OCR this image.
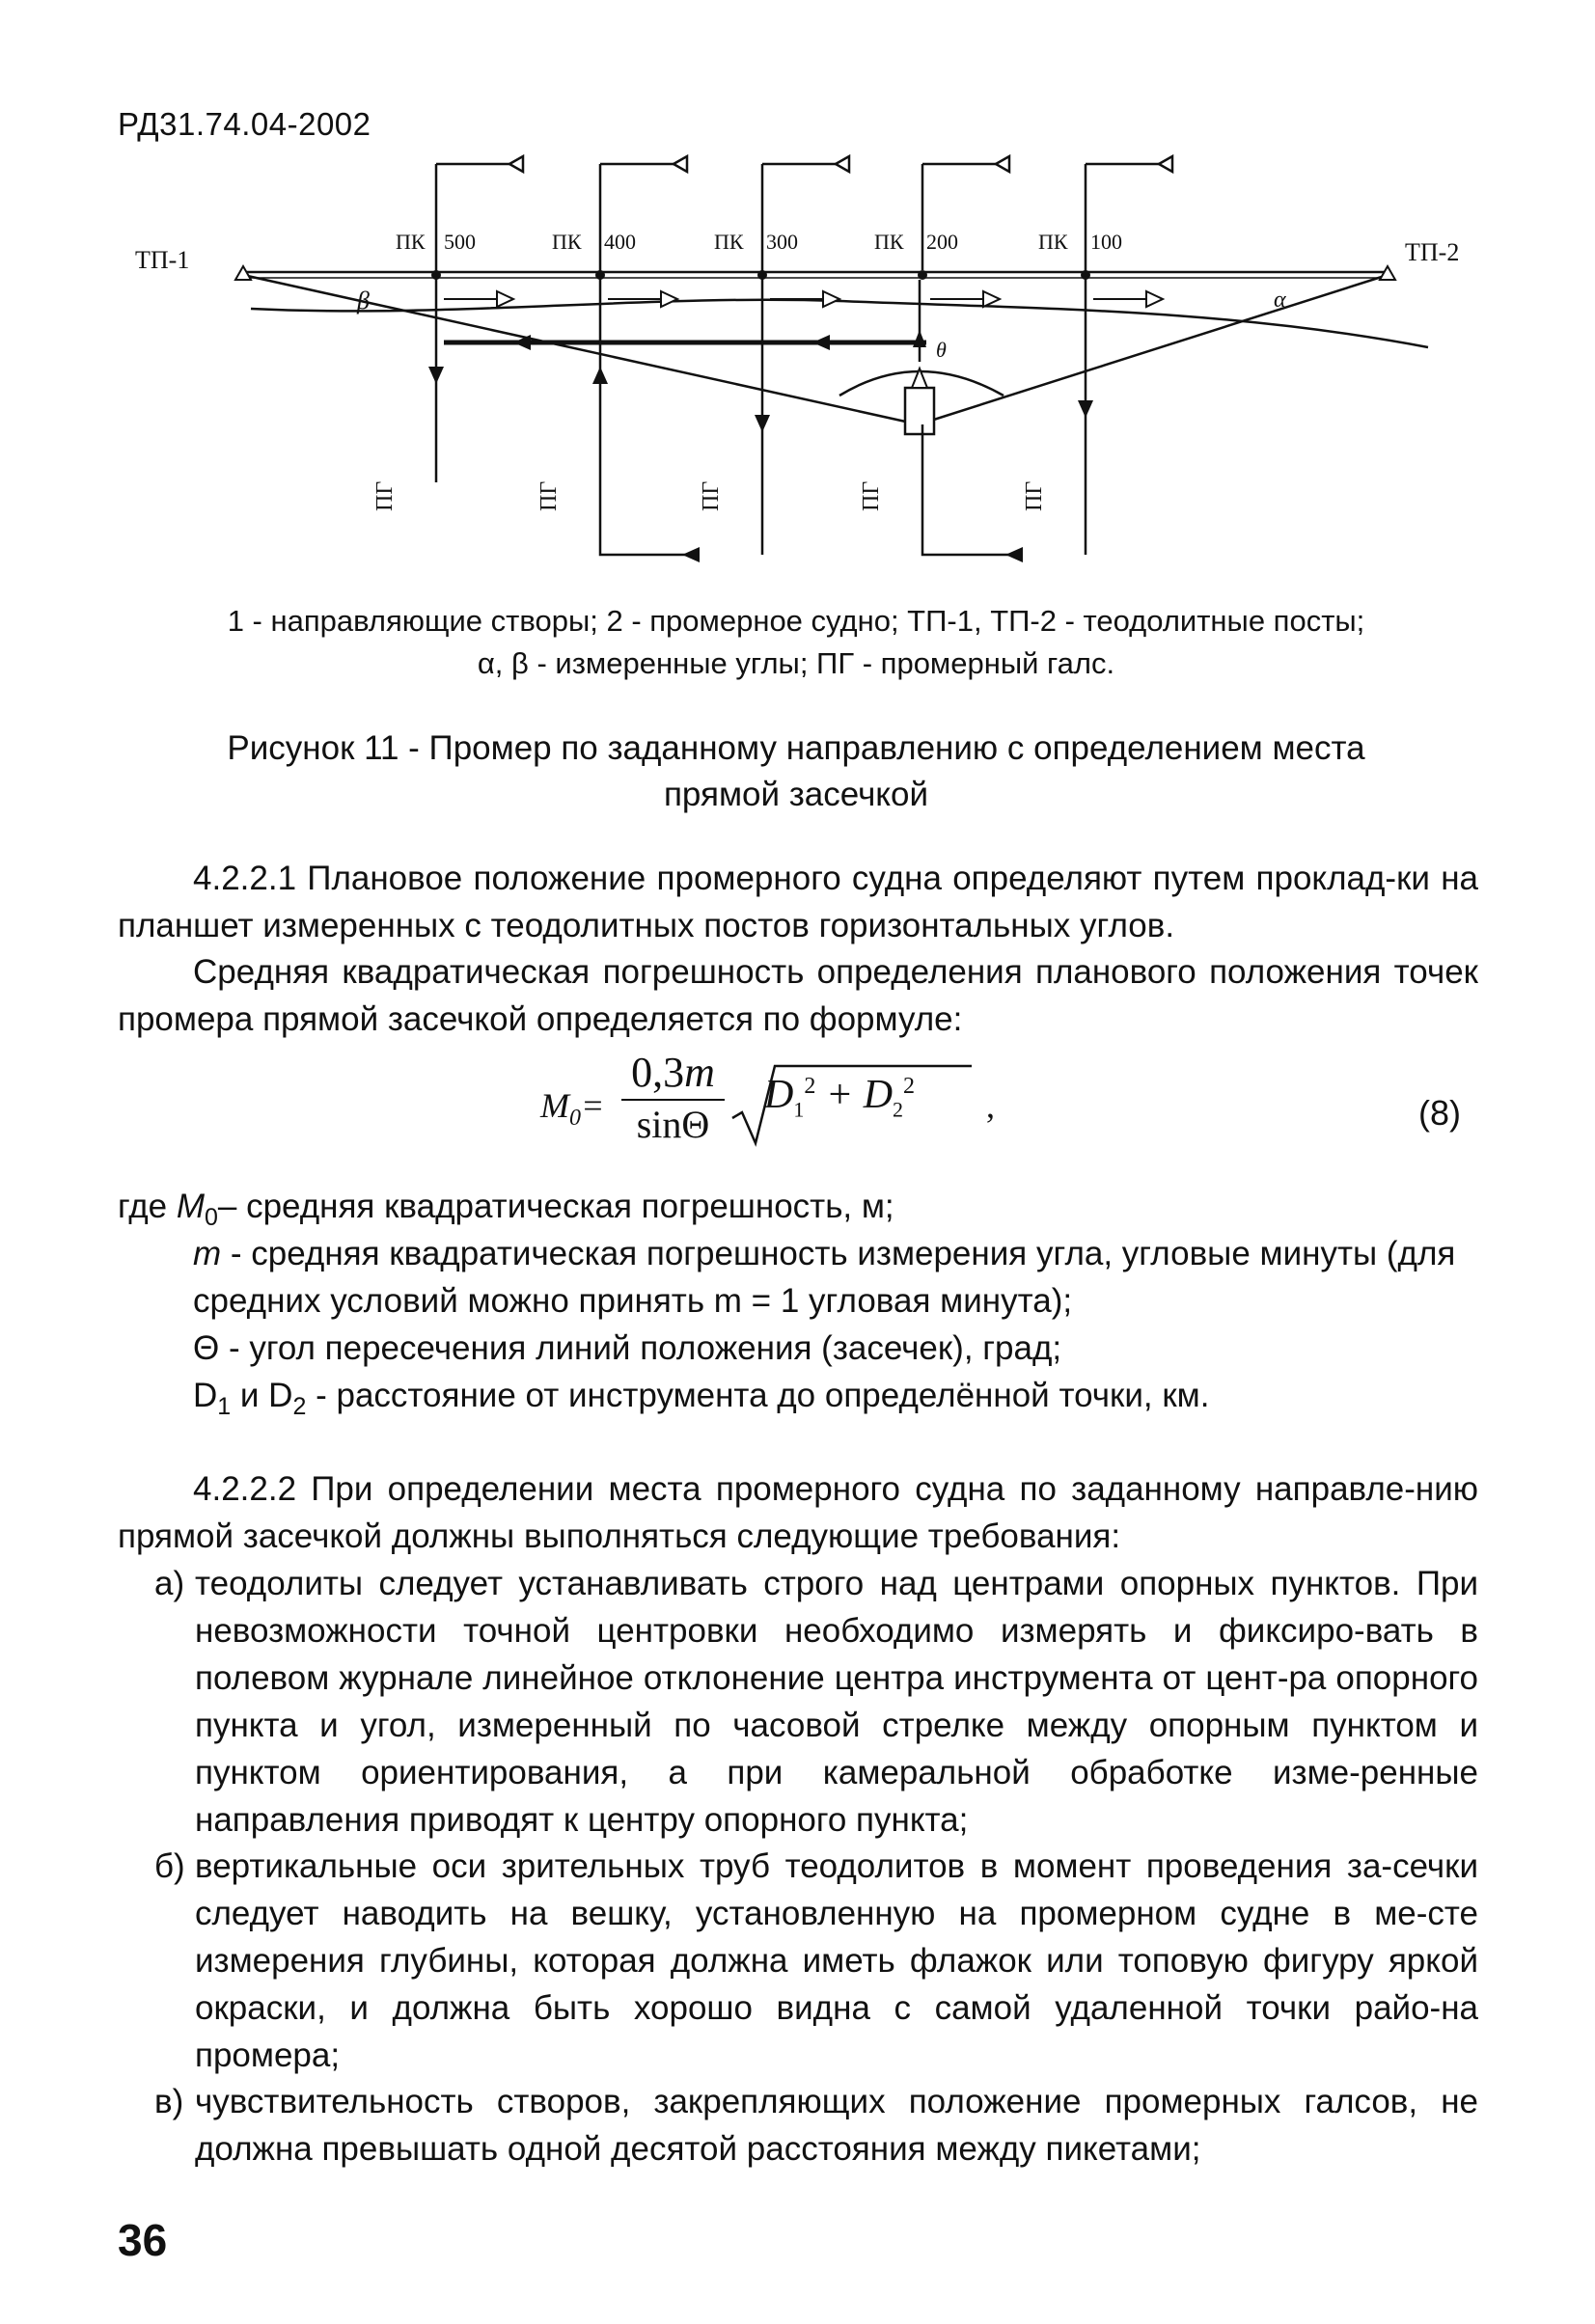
РД31.74.04-2002
ТП-1	ТП-2
ПК 500	ПК 400	ПК 300	ПК 200	ПК 100
β	α
θ
ПГ	ПГ	ПГ	ПГ	ПГ
1 - направляющие створы; 2 - промерное судно; ТП-1, ТП-2 - теодолитные посты;
α, β - измеренные углы; ПГ - промерный галс.
Рисунок 11 - Промер по заданному направлению с определением места
прямой засечкой
4.2.2.1 Плановое положение промерного судна определяют путем проклад-ки на планшет измеренных с теодолитных постов горизонтальных углов.
Средняя квадратическая погрешность определения планового положения точек промера прямой засечкой определяется по формуле:
$M_0=$
0,3m
sinΘ
$D_1^2 + D_2^2$ ,	(8)
где $M_0-$ средняя квадратическая погрешность, м;
m - средняя квадратическая погрешность измерения угла, угловые минуты (для средних условий можно принять m = 1 угловая минута);
Θ - угол пересечения линий положения (засечек), град;
$D_1$ и $D_2$ - расстояние от инструмента до определённой точки, км.
4.2.2.2 При определении места промерного судна по заданному направле-нию прямой засечкой должны выполняться следующие требования:
а) теодолиты следует устанавливать строго над центрами опорных пунктов. При невозможности точной центровки необходимо измерять и фиксиро-вать в полевом журнале линейное отклонение центра инструмента от цент-ра опорного пункта и угол, измеренный по часовой стрелке между опорным пунктом и пунктом ориентирования, а при камеральной обработке изме-ренные направления приводят к центру опорного пункта;
б) вертикальные оси зрительных труб теодолитов в момент проведения за-сечки следует наводить на вешку, установленную на промерном судне в ме-сте измерения глубины, которая должна иметь флажок или топовую фигуру яркой окраски, и должна быть хорошо видна с самой удаленной точки райо-на промера;
в) чувствительность створов, закрепляющих положение промерных галсов, не должна превышать одной десятой расстояния между пикетами;
36
